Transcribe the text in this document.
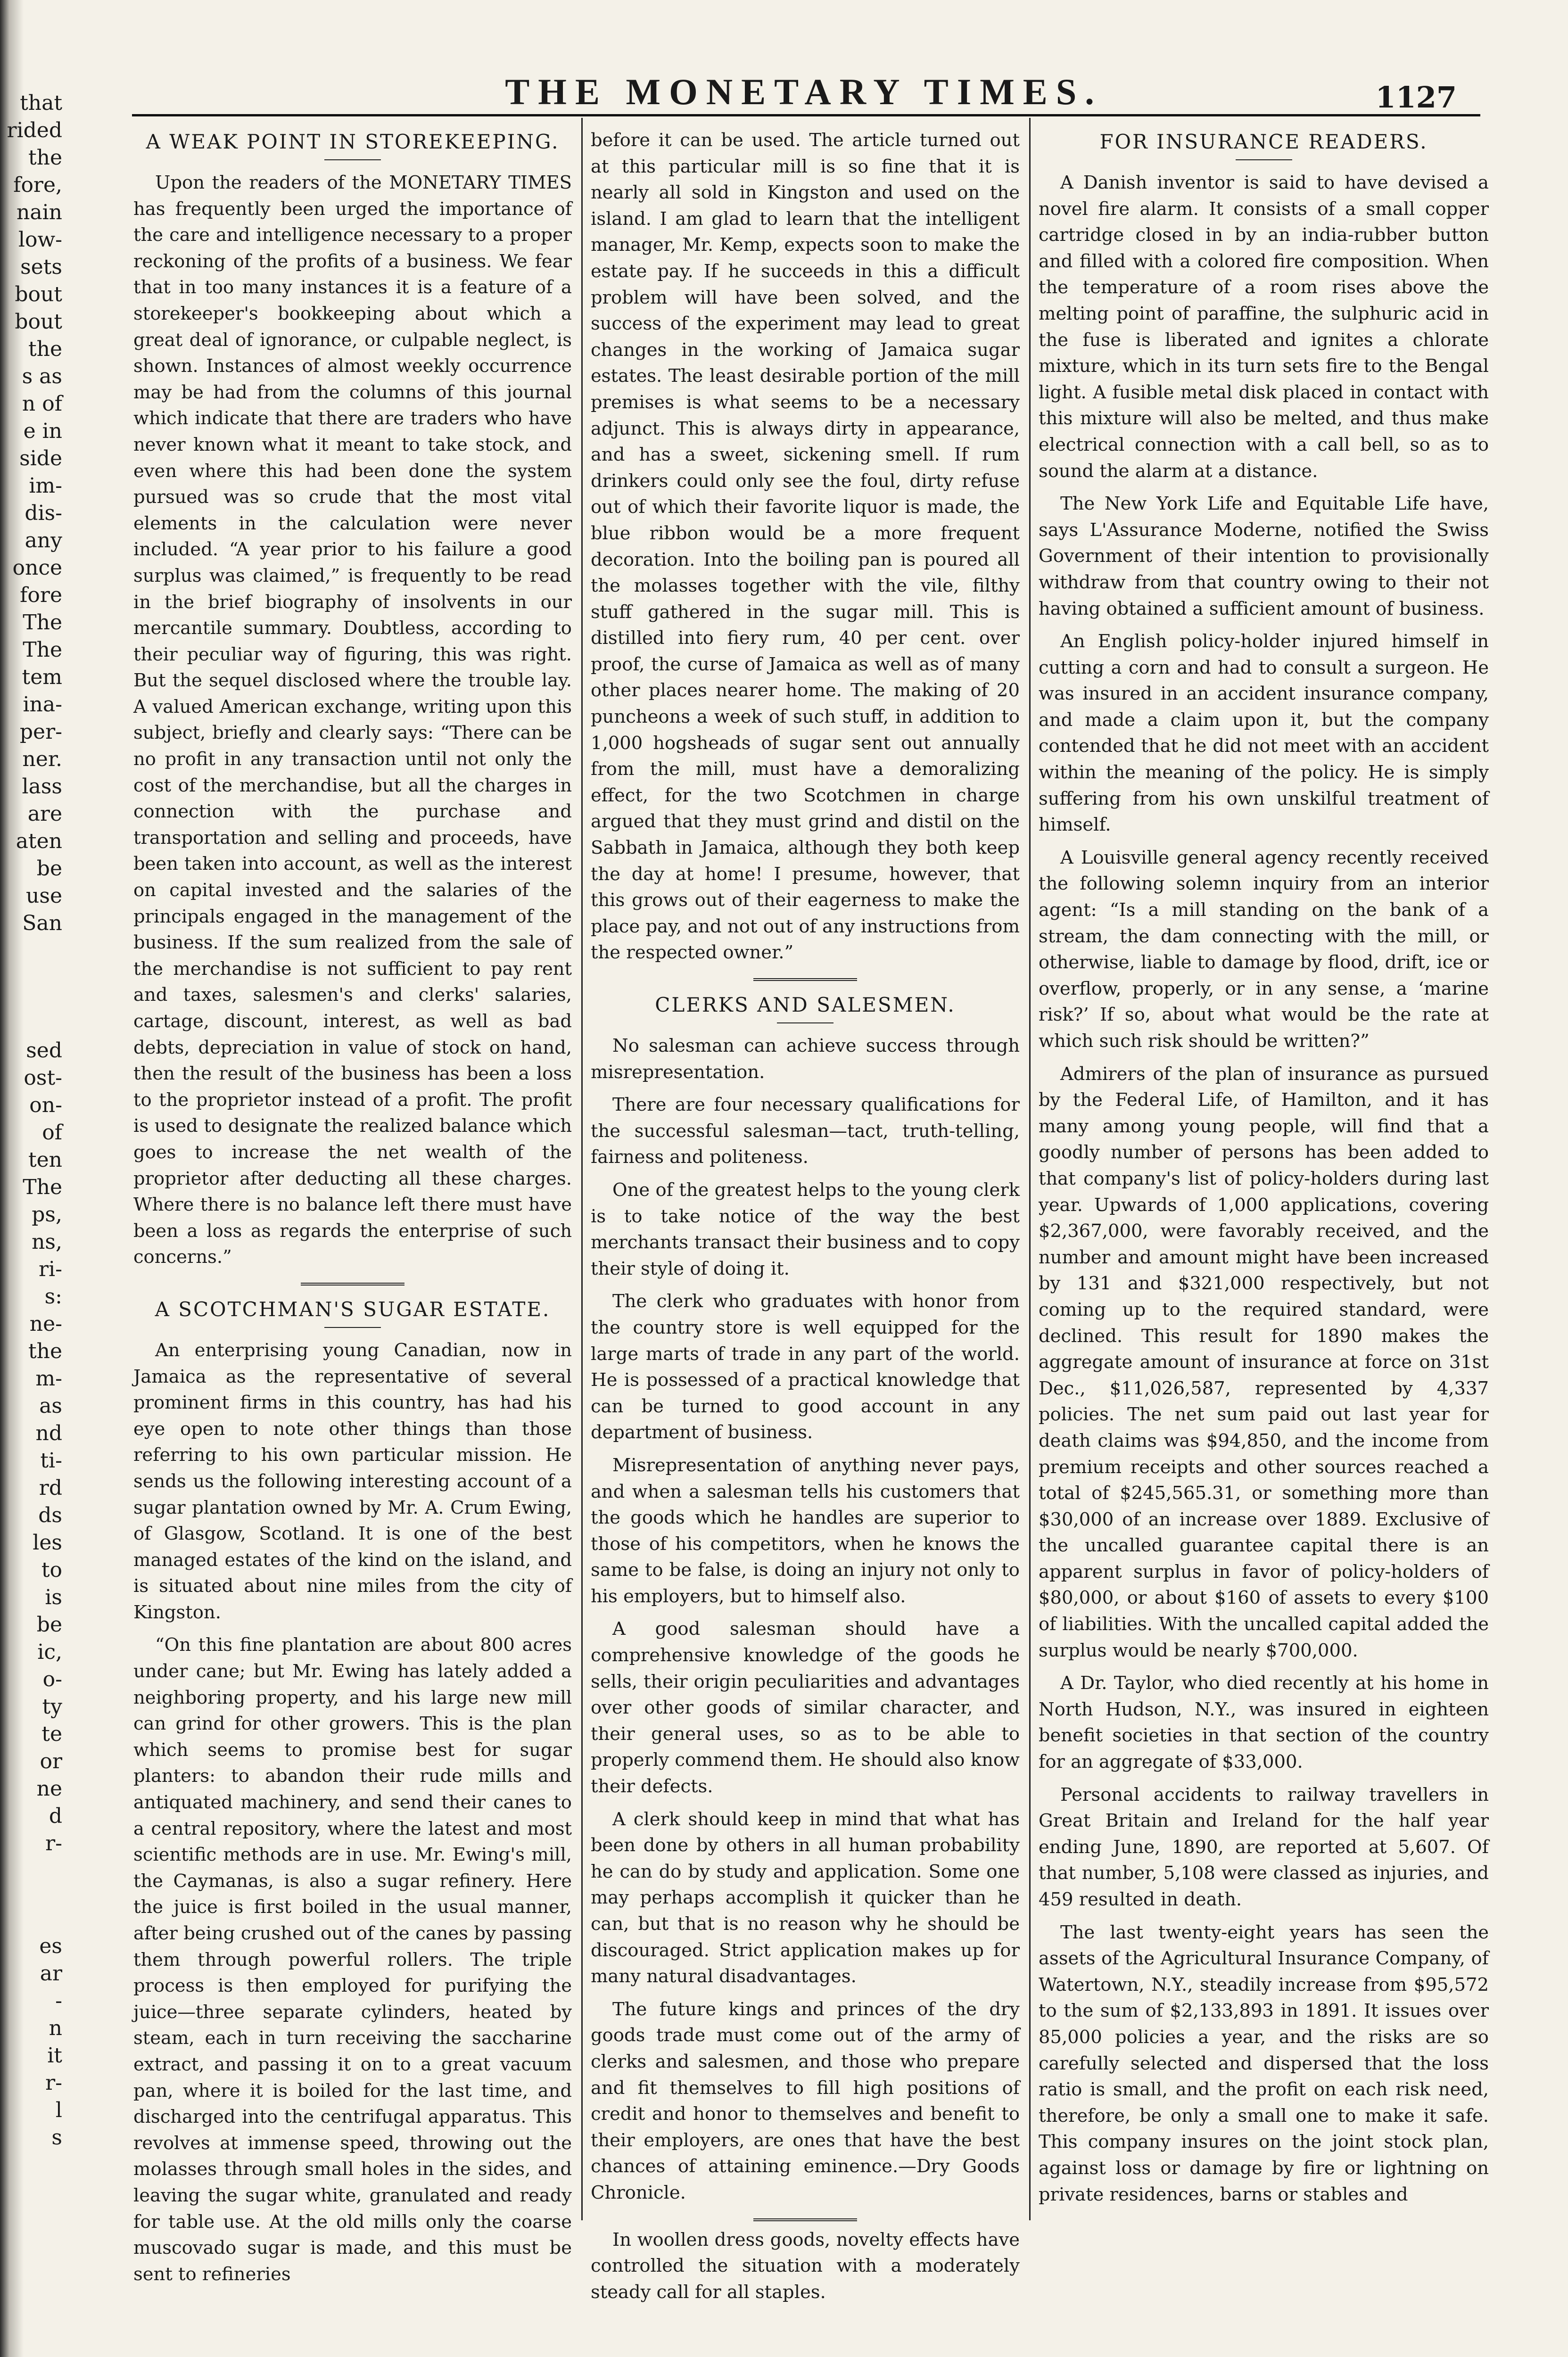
that
rided
the
fore,
nain
low-
sets
bout
bout
the
s as
n of
e in
side
im-
dis-
any
once
fore
The
The
tem
ina-
per-
ner.
lass
are
aten
be
use
San
sed
ost-
on-
of
ten
The
ps,
ns,
ri-
s:
ne-
the
m-
as
nd
ti-
rd
ds
les
to
is
be
ic,
o-
ty
te
or
ne
d
r-
es
ar
-
n
it
r-
l
s
THE MONETARY TIMES.	1127
A WEAK POINT IN STOREKEEPING.

Upon the readers of the MONETARY TIMES has frequently been urged the importance of the care and intelligence necessary to a proper reckoning of the profits of a business. We fear that in too many instances it is a feature of a storekeeper's bookkeeping about which a great deal of ignorance, or culpable neglect, is shown. Instances of almost weekly occurrence may be had from the columns of this journal which indicate that there are traders who have never known what it meant to take stock, and even where this had been done the system pursued was so crude that the most vital elements in the calculation were never included. “A year prior to his failure a good surplus was claimed,” is frequently to be read in the brief biography of insolvents in our mercantile summary. Doubtless, according to their peculiar way of figuring, this was right. But the sequel disclosed where the trouble lay. A valued American exchange, writing upon this subject, briefly and clearly says: “There can be no profit in any transaction until not only the cost of the merchandise, but all the charges in connection with the purchase and transportation and selling and proceeds, have been taken into account, as well as the interest on capital invested and the salaries of the principals engaged in the management of the business. If the sum realized from the sale of the merchandise is not sufficient to pay rent and taxes, salesmen's and clerks' salaries, cartage, discount, interest, as well as bad debts, depreciation in value of stock on hand, then the result of the business has been a loss to the proprietor instead of a profit. The profit is used to designate the realized balance which goes to increase the net wealth of the proprietor after deducting all these charges. Where there is no balance left there must have been a loss as regards the enterprise of such concerns.”

A SCOTCHMAN'S SUGAR ESTATE.

An enterprising young Canadian, now in Jamaica as the representative of several prominent firms in this country, has had his eye open to note other things than those referring to his own particular mission. He sends us the following interesting account of a sugar plantation owned by Mr. A. Crum Ewing, of Glasgow, Scotland. It is one of the best managed estates of the kind on the island, and is situated about nine miles from the city of Kingston.

“On this fine plantation are about 800 acres under cane; but Mr. Ewing has lately added a neighboring property, and his large new mill can grind for other growers. This is the plan which seems to promise best for sugar planters: to abandon their rude mills and antiquated machinery, and send their canes to a central repository, where the latest and most scientific methods are in use. Mr. Ewing's mill, the Caymanas, is also a sugar refinery. Here the juice is first boiled in the usual manner, after being crushed out of the canes by passing them through powerful rollers. The triple process is then employed for purifying the juice—three separate cylinders, heated by steam, each in turn receiving the saccharine extract, and passing it on to a great vacuum pan, where it is boiled for the last time, and discharged into the centrifugal apparatus. This revolves at immense speed, throwing out the molasses through small holes in the sides, and leaving the sugar white, granulated and ready for table use. At the old mills only the coarse muscovado sugar is made, and this must be sent to refineries

before it can be used. The article turned out at this particular mill is so fine that it is nearly all sold in Kingston and used on the island. I am glad to learn that the intelligent manager, Mr. Kemp, expects soon to make the estate pay. If he succeeds in this a difficult problem will have been solved, and the success of the experiment may lead to great changes in the working of Jamaica sugar estates. The least desirable portion of the mill premises is what seems to be a necessary adjunct. This is always dirty in appearance, and has a sweet, sickening smell. If rum drinkers could only see the foul, dirty refuse out of which their favorite liquor is made, the blue ribbon would be a more frequent decoration. Into the boiling pan is poured all the molasses together with the vile, filthy stuff gathered in the sugar mill. This is distilled into fiery rum, 40 per cent. over proof, the curse of Jamaica as well as of many other places nearer home. The making of 20 puncheons a week of such stuff, in addition to 1,000 hogsheads of sugar sent out annually from the mill, must have a demoralizing effect, for the two Scotchmen in charge argued that they must grind and distil on the Sabbath in Jamaica, although they both keep the day at home! I presume, however, that this grows out of their eagerness to make the place pay, and not out of any instructions from the respected owner.”

CLERKS AND SALESMEN.

No salesman can achieve success through misrepresentation.

There are four necessary qualifications for the successful salesman—tact, truth-telling, fairness and politeness.

One of the greatest helps to the young clerk is to take notice of the way the best merchants transact their business and to copy their style of doing it.

The clerk who graduates with honor from the country store is well equipped for the large marts of trade in any part of the world. He is possessed of a practical knowledge that can be turned to good account in any department of business.

Misrepresentation of anything never pays, and when a salesman tells his customers that the goods which he handles are superior to those of his competitors, when he knows the same to be false, is doing an injury not only to his employers, but to himself also.

A good salesman should have a comprehensive knowledge of the goods he sells, their origin peculiarities and advantages over other goods of similar character, and their general uses, so as to be able to properly commend them. He should also know their defects.

A clerk should keep in mind that what has been done by others in all human probability he can do by study and application. Some one may perhaps accomplish it quicker than he can, but that is no reason why he should be discouraged. Strict application makes up for many natural disadvantages.

The future kings and princes of the dry goods trade must come out of the army of clerks and salesmen, and those who prepare and fit themselves to fill high positions of credit and honor to themselves and benefit to their employers, are ones that have the best chances of attaining eminence.—Dry Goods Chronicle.

In woollen dress goods, novelty effects have controlled the situation with a moderately steady call for all staples.

FOR INSURANCE READERS.

A Danish inventor is said to have devised a novel fire alarm. It consists of a small copper cartridge closed in by an india-rubber button and filled with a colored fire composition. When the temperature of a room rises above the melting point of paraffine, the sulphuric acid in the fuse is liberated and ignites a chlorate mixture, which in its turn sets fire to the Bengal light. A fusible metal disk placed in contact with this mixture will also be melted, and thus make electrical connection with a call bell, so as to sound the alarm at a distance.

The New York Life and Equitable Life have, says L'Assurance Moderne, notified the Swiss Government of their intention to provisionally withdraw from that country owing to their not having obtained a sufficient amount of business.

An English policy-holder injured himself in cutting a corn and had to consult a surgeon. He was insured in an accident insurance company, and made a claim upon it, but the company contended that he did not meet with an accident within the meaning of the policy. He is simply suffering from his own unskilful treatment of himself.

A Louisville general agency recently received the following solemn inquiry from an interior agent: “Is a mill standing on the bank of a stream, the dam connecting with the mill, or otherwise, liable to damage by flood, drift, ice or overflow, properly, or in any sense, a ‘marine risk?’ If so, about what would be the rate at which such risk should be written?”

Admirers of the plan of insurance as pursued by the Federal Life, of Hamilton, and it has many among young people, will find that a goodly number of persons has been added to that company's list of policy-holders during last year. Upwards of 1,000 applications, covering $2,367,000, were favorably received, and the number and amount might have been increased by 131 and $321,000 respectively, but not coming up to the required standard, were declined. This result for 1890 makes the aggregate amount of insurance at force on 31st Dec., $11,026,587, represented by 4,337 policies. The net sum paid out last year for death claims was $94,850, and the income from premium receipts and other sources reached a total of $245,565.31, or something more than $30,000 of an increase over 1889. Exclusive of the uncalled guarantee capital there is an apparent surplus in favor of policy-holders of $80,000, or about $160 of assets to every $100 of liabilities. With the uncalled capital added the surplus would be nearly $700,000.

A Dr. Taylor, who died recently at his home in North Hudson, N.Y., was insured in eighteen benefit societies in that section of the country for an aggregate of $33,000.

Personal accidents to railway travellers in Great Britain and Ireland for the half year ending June, 1890, are reported at 5,607. Of that number, 5,108 were classed as injuries, and 459 resulted in death.

The last twenty-eight years has seen the assets of the Agricultural Insurance Company, of Watertown, N.Y., steadily increase from $95,572 to the sum of $2,133,893 in 1891. It issues over 85,000 policies a year, and the risks are so carefully selected and dispersed that the loss ratio is small, and the profit on each risk need, therefore, be only a small one to make it safe. This company insures on the joint stock plan, against loss or damage by fire or lightning on private residences, barns or stables and
